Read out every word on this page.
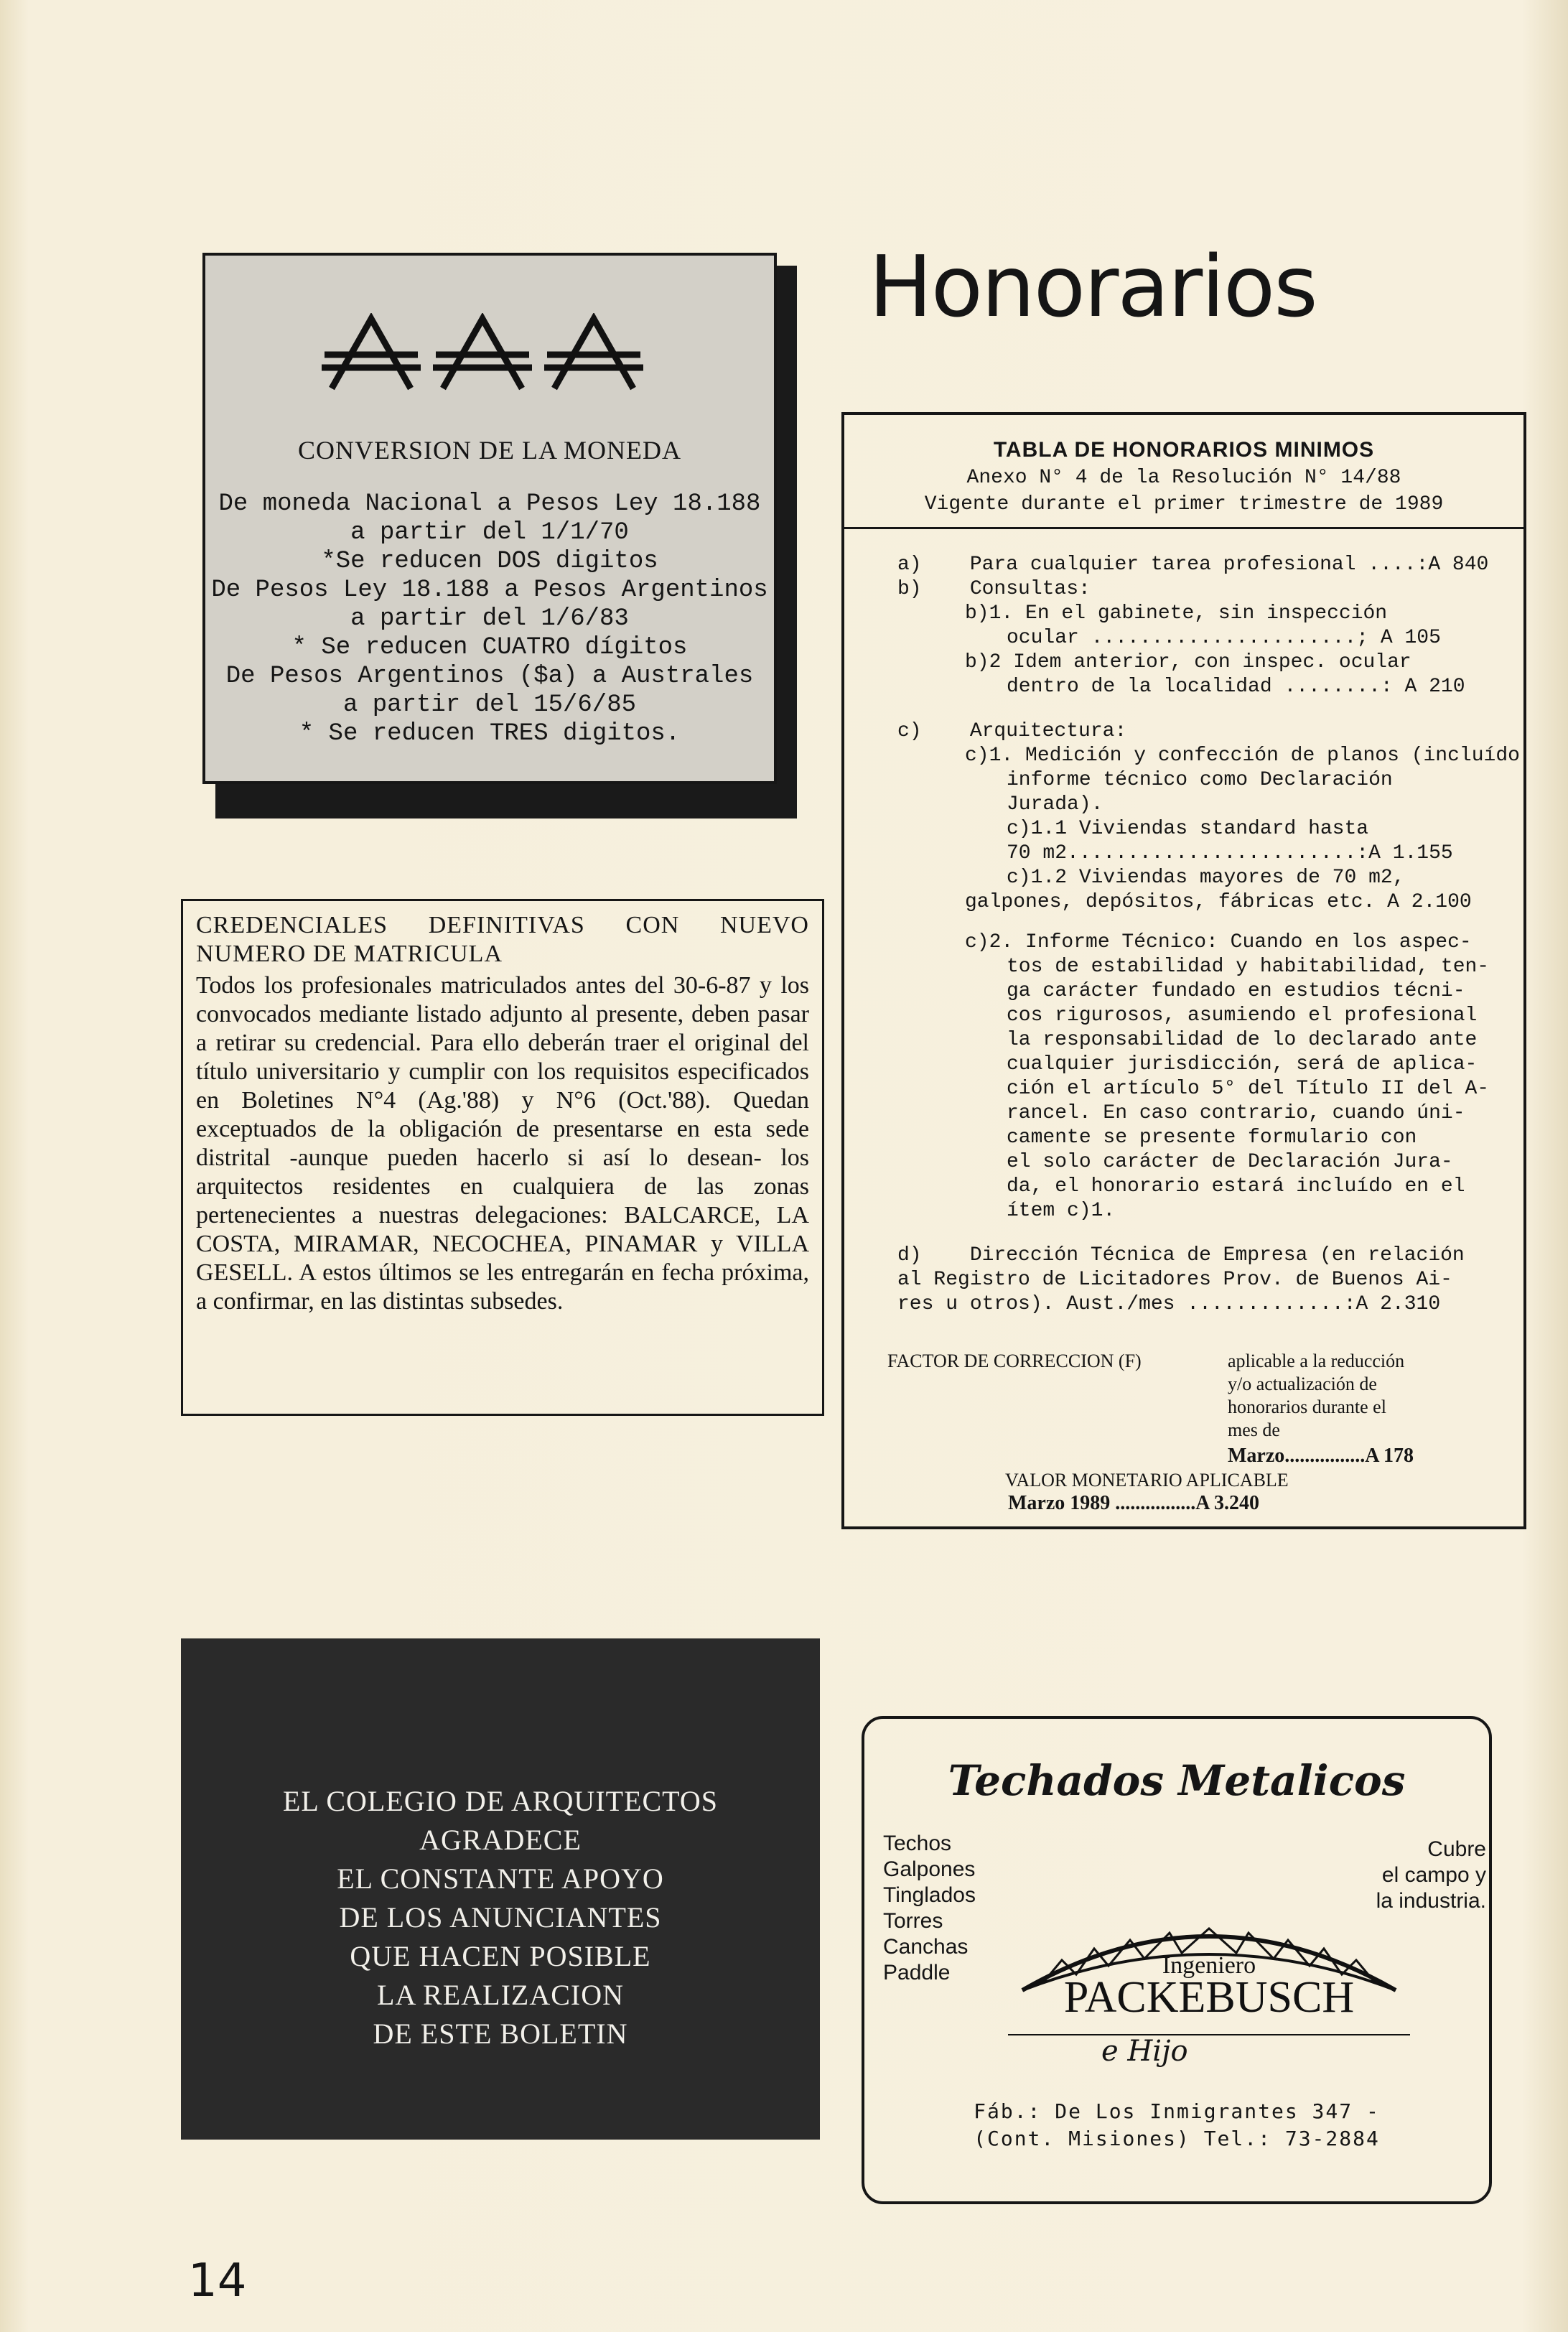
CONVERSION DE LA MONEDA
De moneda Nacional a Pesos Ley 18.188
a partir del 1/1/70
*Se reducen DOS digitos
De Pesos Ley 18.188 a Pesos Argentinos
a partir del 1/6/83
* Se reducen CUATRO dígitos
De Pesos Argentinos ($a) a Australes
a partir del 15/6/85
* Se reducen TRES digitos.
Honorarios
TABLA DE HONORARIOS MINIMOS
Anexo N° 4 de la Resolución N° 14/88
Vigente durante el primer trimestre de 1989
a)    Para cualquier tarea profesional ....:A 840
b)    Consultas:
b)1. En el gabinete, sin inspección
ocular ......................; A 105
b)2 Idem anterior, con inspec. ocular
dentro de la localidad ........: A 210
c)    Arquitectura:
c)1. Medición y confección de planos (incluído
informe técnico como Declaración
Jurada).
c)1.1 Viviendas standard hasta
70 m2........................:A 1.155
c)1.2 Viviendas mayores de 70 m2,
galpones, depósitos, fábricas etc. A 2.100
c)2. Informe Técnico: Cuando en los aspec-
tos de estabilidad y habitabilidad, ten-
ga carácter fundado en estudios técni-
cos rigurosos, asumiendo el profesional
la responsabilidad de lo declarado ante
cualquier jurisdicción, será de aplica-
ción el artículo 5° del Título II del A-
rancel. En caso contrario, cuando úni-
camente se presente formulario con
el solo carácter de Declaración Jura-
da, el honorario estará incluído en el
ítem c)1.
d)    Dirección Técnica de Empresa (en relación
al Registro de Licitadores Prov. de Buenos Ai-
res u otros). Aust./mes .............:A 2.310
FACTOR DE CORRECCION (F)	aplicable a la reducción
y/o actualización de
honorarios durante el
mes de
Marzo................A 178
VALOR MONETARIO APLICABLE
Marzo 1989 ................A 3.240
CREDENCIALES DEFINITIVAS CON NUEVO NUMERO DE MATRICULA
Todos los profesionales matriculados antes del 30-6-87 y los convocados mediante listado adjunto al presente, deben pasar a retirar su credencial. Para ello deberán traer el original del título universitario y cumplir con los requisitos especificados en Boletines N°4 (Ag.'88) y N°6 (Oct.'88). Quedan exceptuados de la obligación de presentarse en esta sede distrital -aunque pueden hacerlo si así lo desean- los arquitectos residentes en cualquiera de las zonas pertenecientes a nuestras delegaciones: BALCARCE, LA COSTA, MIRAMAR, NECOCHEA, PINAMAR y VILLA GESELL. A estos últimos se les entregarán en fecha próxima, a confirmar, en las distintas subsedes.
EL COLEGIO DE ARQUITECTOS
AGRADECE
EL CONSTANTE APOYO
DE LOS ANUNCIANTES
QUE HACEN POSIBLE
LA REALIZACION
DE ESTE BOLETIN
Techados Metalicos
Techos
Galpones
Tinglados
Torres
Canchas
Paddle
Cubre
el campo y
la industria.
Ingeniero
PACKEBUSCH
e Hijo
Fáb.: De Los Inmigrantes 347 -
(Cont. Misiones) Tel.: 73-2884
14
